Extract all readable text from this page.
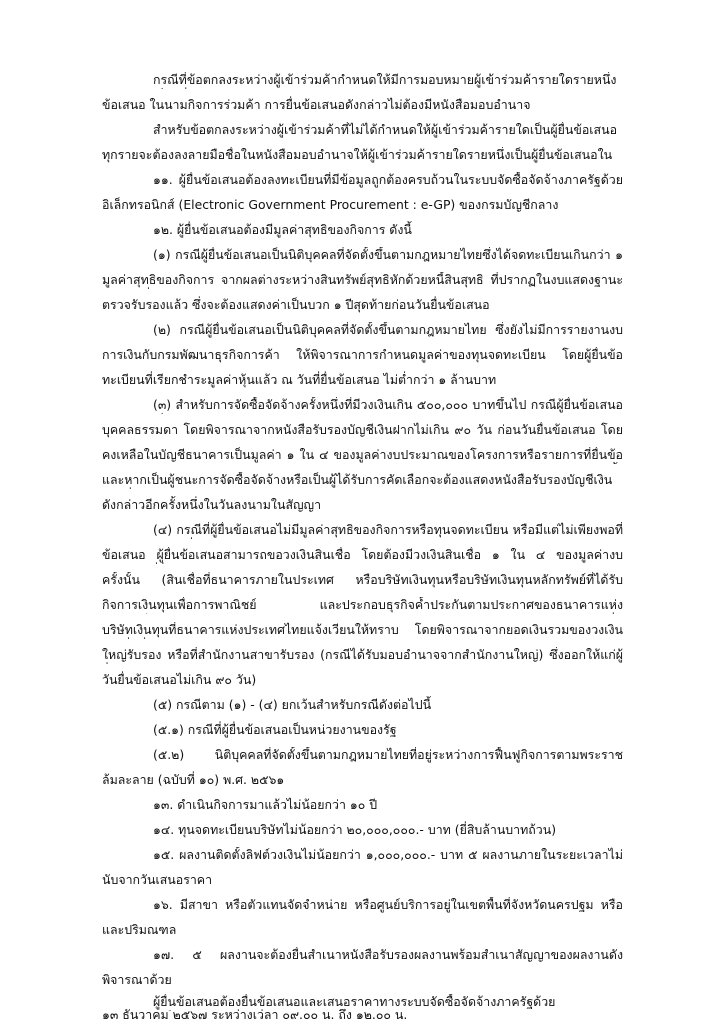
กรณีที่ข้อตกลงระหว่างผู้เข้าร่วมค้ากำหนดให้มีการมอบหมายผู้เข้าร่วมค้ารายใดรายหนึ่ง
ข้อเสนอ ในนามกิจการร่วมค้า การยื่นข้อเสนอดังกล่าวไม่ต้องมีหนังสือมอบอำนาจ
สำหรับข้อตกลงระหว่างผู้เข้าร่วมค้าที่ไม่ได้กำหนดให้ผู้เข้าร่วมค้ารายใดเป็นผู้ยื่นข้อเสนอ
ทุกรายจะต้องลงลายมือชื่อในหนังสือมอบอำนาจให้ผู้เข้าร่วมค้ารายใดรายหนึ่งเป็นผู้ยื่นข้อเสนอใน
๑๑. ผู้ยื่นข้อเสนอต้องลงทะเบียนที่มีข้อมูลถูกต้องครบถ้วนในระบบจัดซื้อจัดจ้างภาครัฐด้วย
อิเล็กทรอนิกส์ (Electronic Government Procurement : e-GP) ของกรมบัญชีกลาง
๑๒. ผู้ยื่นข้อเสนอต้องมีมูลค่าสุทธิของกิจการ ดังนี้
(๑) กรณีผู้ยื่นข้อเสนอเป็นนิติบุคคลที่จัดตั้งขึ้นตามกฎหมายไทยซึ่งได้จดทะเบียนเกินกว่า ๑
มูลค่าสุทธิของกิจการ จากผลต่างระหว่างสินทรัพย์สุทธิหักด้วยหนี้สินสุทธิ ที่ปรากฏในงบแสดงฐานะ
ตรวจรับรองแล้ว ซึ่งจะต้องแสดงค่าเป็นบวก ๑ ปีสุดท้ายก่อนวันยื่นข้อเสนอ
(๒) กรณีผู้ยื่นข้อเสนอเป็นนิติบุคคลที่จัดตั้งขึ้นตามกฎหมายไทย ซึ่งยังไม่มีการรายงานงบ
การเงินกับกรมพัฒนาธุรกิจการค้า ให้พิจารณาการกำหนดมูลค่าของทุนจดทะเบียน โดยผู้ยื่นข้อ
ทะเบียนที่เรียกชำระมูลค่าหุ้นแล้ว ณ วันที่ยื่นข้อเสนอ ไม่ต่ำกว่า ๑ ล้านบาท
(๓) สำหรับการจัดซื้อจัดจ้างครั้งหนึ่งที่มีวงเงินเกิน ๕๐๐,๐๐๐ บาทขึ้นไป กรณีผู้ยื่นข้อเสนอ
บุคคลธรรมดา โดยพิจารณาจากหนังสือรับรองบัญชีเงินฝากไม่เกิน ๙๐ วัน ก่อนวันยื่นข้อเสนอ โดย
คงเหลือในบัญชีธนาคารเป็นมูลค่า ๑ ใน ๔ ของมูลค่างบประมาณของโครงการหรือรายการที่ยื่นข้อ
และหากเป็นผู้ชนะการจัดซื้อจัดจ้างหรือเป็นผู้ได้รับการคัดเลือกจะต้องแสดงหนังสือรับรองบัญชีเงิน
ดังกล่าวอีกครั้งหนึ่งในวันลงนามในสัญญา
(๔) กรณีที่ผู้ยื่นข้อเสนอไม่มีมูลค่าสุทธิของกิจการหรือทุนจดทะเบียน หรือมีแต่ไม่เพียงพอที่
ข้อเสนอ ผู้ยื่นข้อเสนอสามารถขอวงเงินสินเชื่อ โดยต้องมีวงเงินสินเชื่อ ๑ ใน ๔ ของมูลค่างบ
ครั้งนั้น (สินเชื่อที่ธนาคารภายในประเทศ หรือบริษัทเงินทุนหรือบริษัทเงินทุนหลักทรัพย์ที่ได้รับ
กิจการเงินทุนเพื่อการพาณิชย์ และประกอบธุรกิจค้ำประกันตามประกาศของธนาคารแห่ง
บริษัทเงินทุนที่ธนาคารแห่งประเทศไทยแจ้งเวียนให้ทราบ โดยพิจารณาจากยอดเงินรวมของวงเงิน
ใหญ่รับรอง หรือที่สำนักงานสาขารับรอง (กรณีได้รับมอบอำนาจจากสำนักงานใหญ่) ซึ่งออกให้แก่ผู้
วันยื่นข้อเสนอไม่เกิน ๙๐ วัน)
(๕) กรณีตาม (๑) - (๔) ยกเว้นสำหรับกรณีดังต่อไปนี้
(๕.๑) กรณีที่ผู้ยื่นข้อเสนอเป็นหน่วยงานของรัฐ
(๕.๒) นิติบุคคลที่จัดตั้งขึ้นตามกฎหมายไทยที่อยู่ระหว่างการฟื้นฟูกิจการตามพระราช
ล้มละลาย (ฉบับที่ ๑๐) พ.ศ. ๒๕๖๑
๑๓. ดำเนินกิจการมาแล้วไม่น้อยกว่า ๑๐ ปี
๑๔. ทุนจดทะเบียนบริษัทไม่น้อยกว่า ๒๐,๐๐๐,๐๐๐.- บาท (ยี่สิบล้านบาทถ้วน)
๑๕. ผลงานติดตั้งลิฟต์วงเงินไม่น้อยกว่า ๑,๐๐๐,๐๐๐.- บาท ๕ ผลงานภายในระยะเวลาไม่
นับจากวันเสนอราคา
๑๖. มีสาขา หรือตัวแทนจัดจำหน่าย หรือศูนย์บริการอยู่ในเขตพื้นที่จังหวัดนครปฐม หรือ
และปริมณฑล
๑๗. ๕ ผลงานจะต้องยื่นสำเนาหนังสือรับรองผลงานพร้อมสำเนาสัญญาของผลงานดัง
พิจารณาด้วย
ผู้ยื่นข้อเสนอต้องยื่นข้อเสนอและเสนอราคาทางระบบจัดซื้อจัดจ้างภาครัฐด้วย
๑๓ ธันวาคม ๒๕๖๗ ระหว่างเวลา ๐๙.๐๐ น. ถึง ๑๒.๐๐ น.
